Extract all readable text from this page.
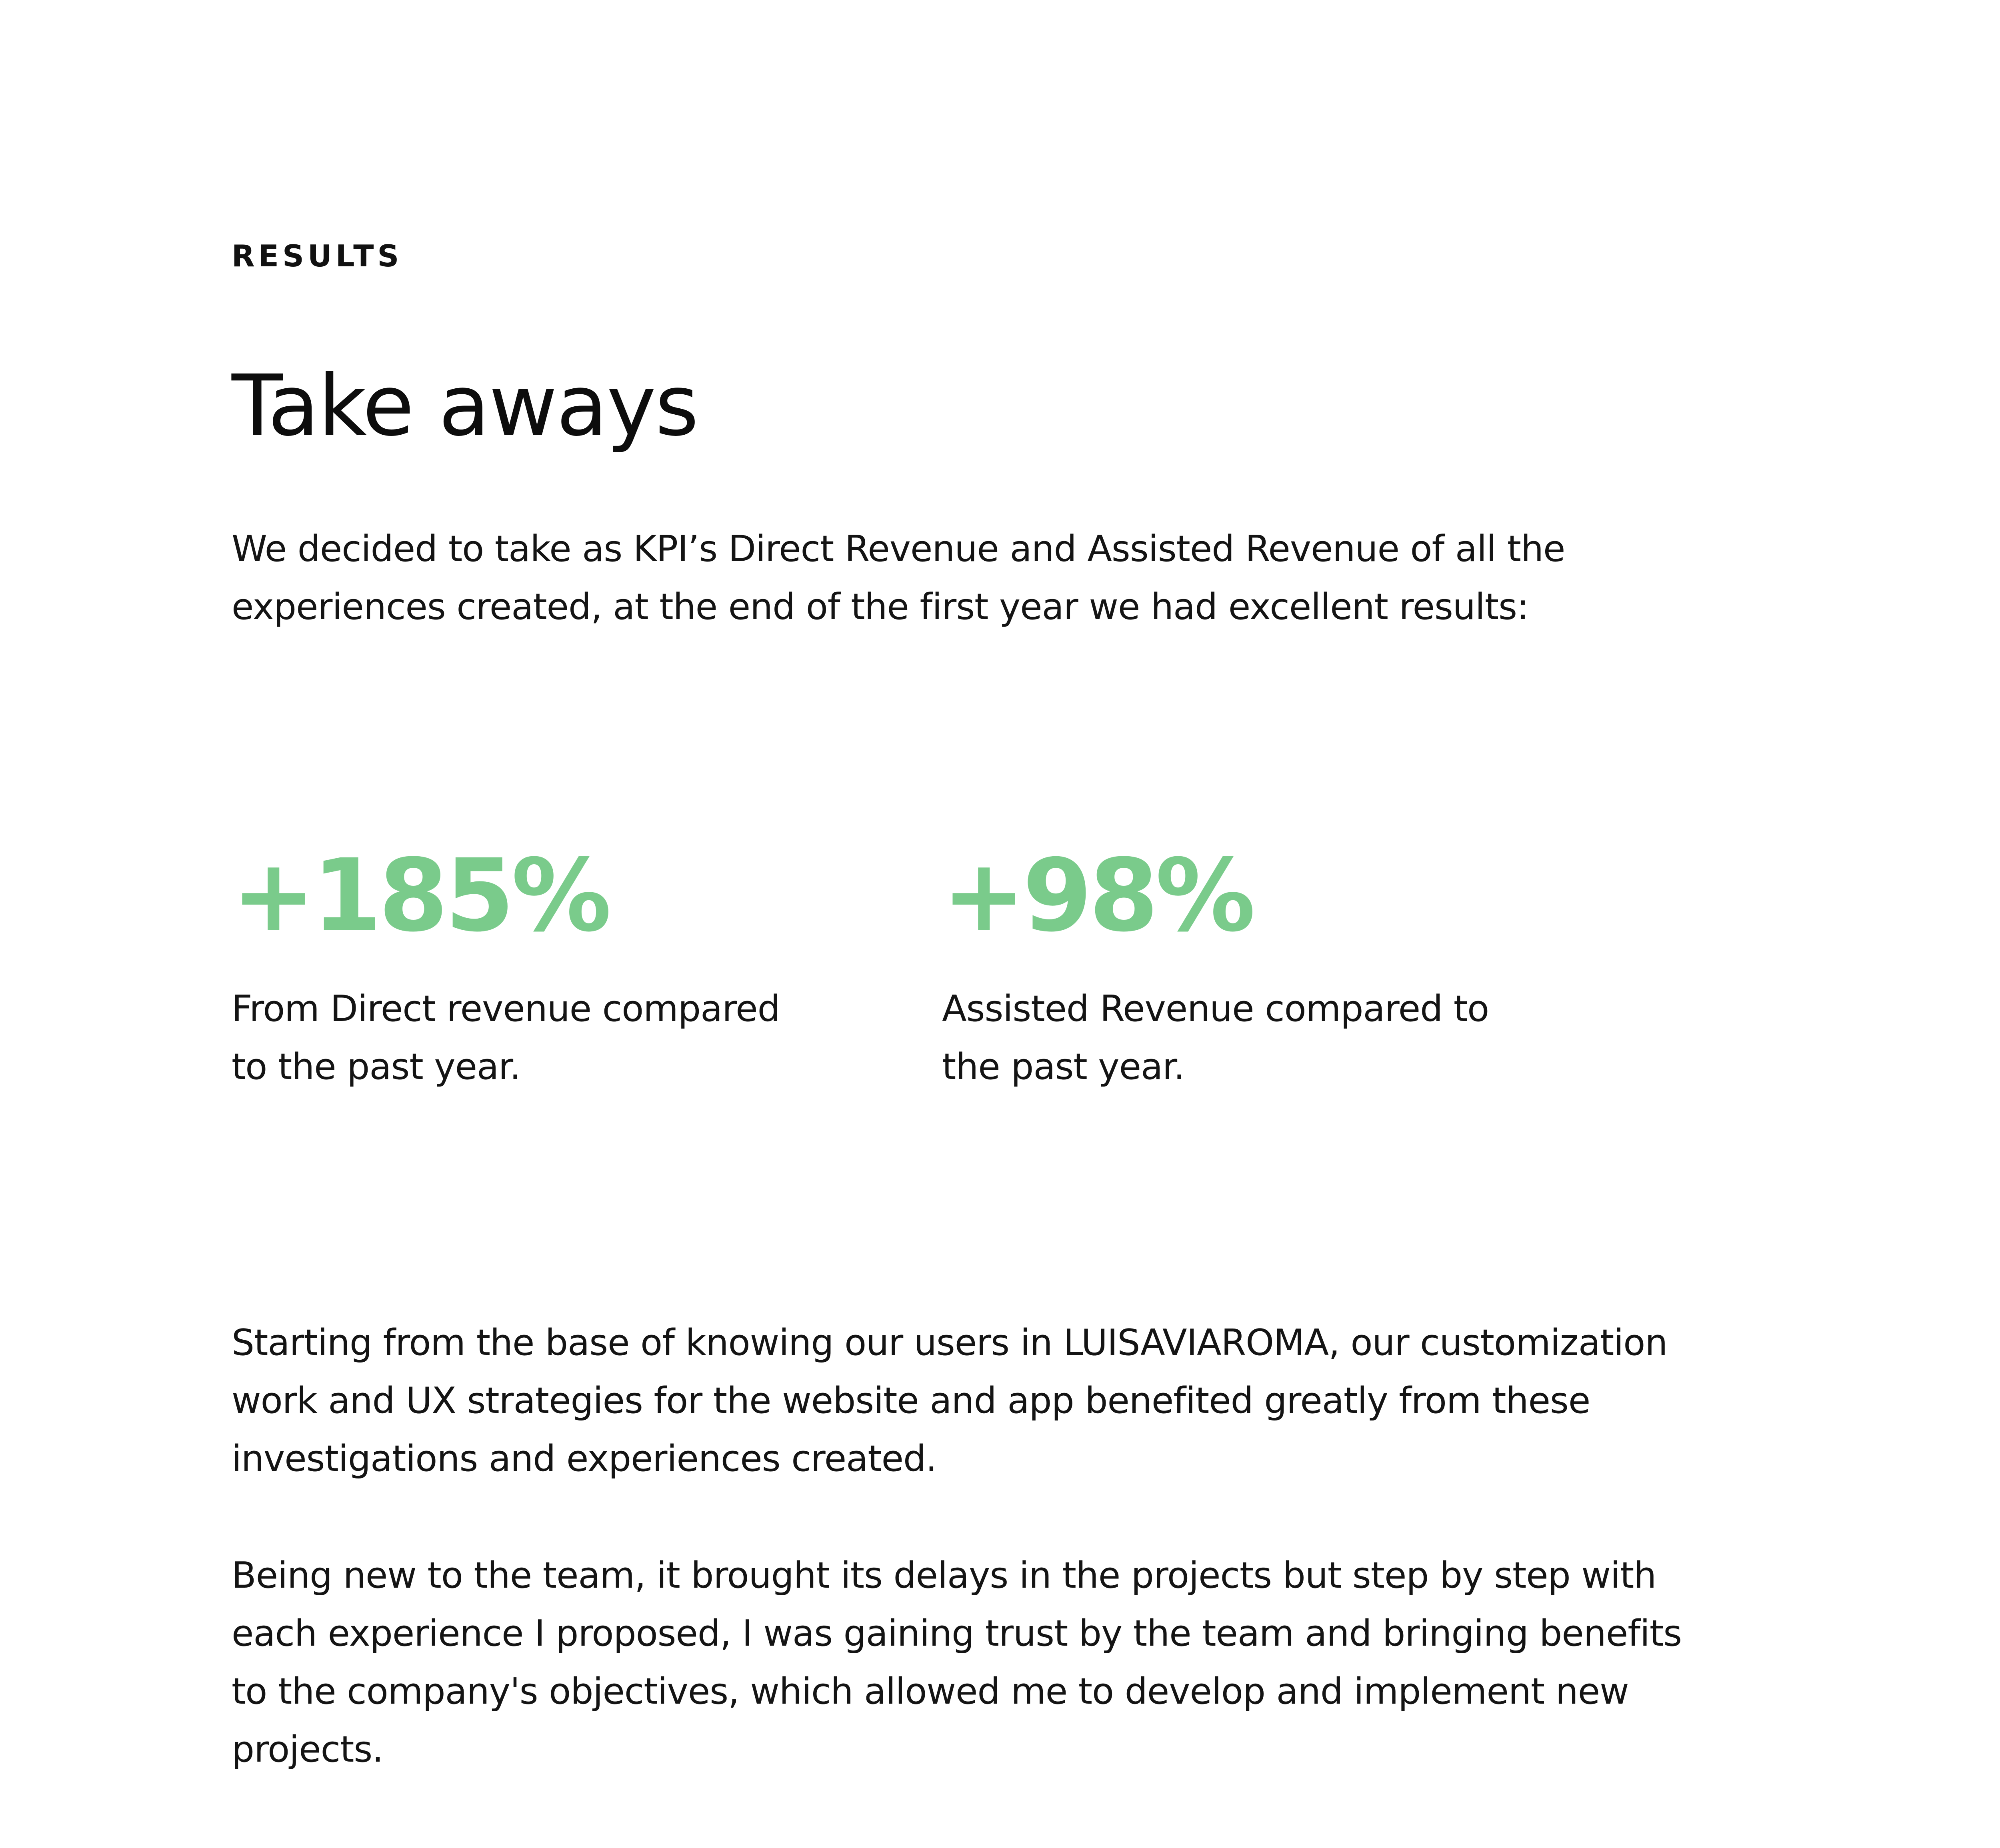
RESULTS

Take aways

We decided to take as KPI’s Direct Revenue and Assisted Revenue of all the experiences created, at the end of the first year we had excellent results:

+185%

From Direct revenue compared to the past year.

+98%

Assisted Revenue compared to the past year.

Starting from the base of knowing our users in LUISAVIAROMA, our customization work and UX strategies for the website and app benefited greatly from these investigations and experiences created.

Being new to the team, it brought its delays in the projects but step by step with each experience I proposed, I was gaining trust by the team and bringing benefits to the company's objectives, which allowed me to develop and implement new projects.
